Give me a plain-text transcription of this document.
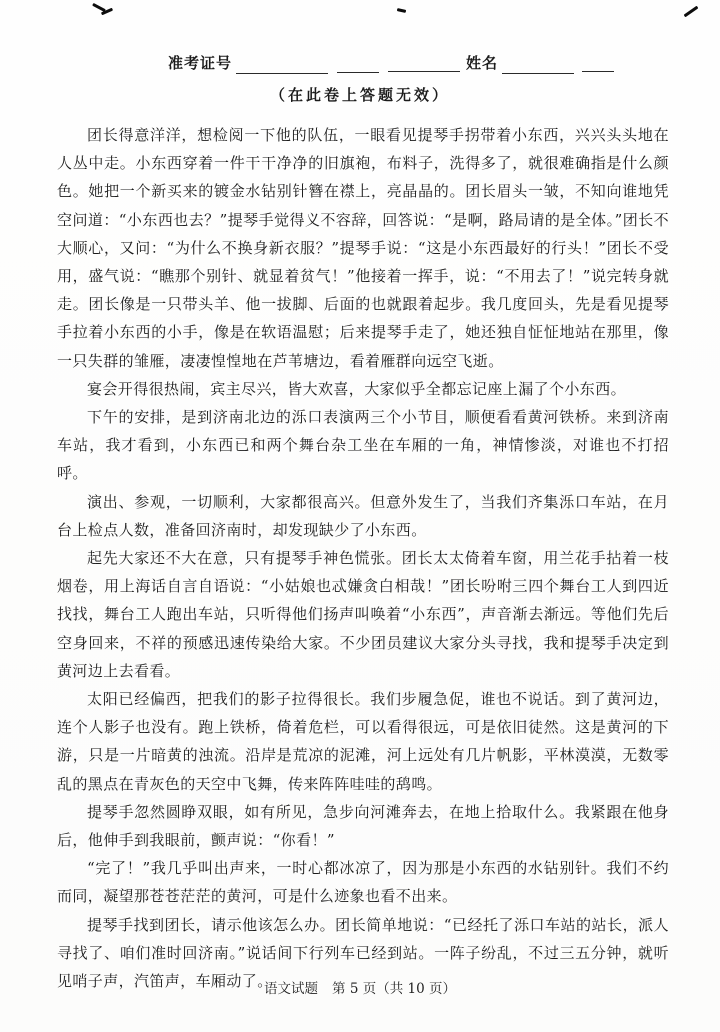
准考证号	姓名
（在此卷上答题无效）

团长得意洋洋，想检阅一下他的队伍，一眼看见提琴手拐带着小东西，兴兴头头地在人丛中走。小东西穿着一件干干净净的旧旗袍，布料子，洗得多了，就很难确指是什么颜色。她把一个新买来的镀金水钻别针簪在襟上，亮晶晶的。团长眉头一皱，不知向谁地凭空问道：“小东西也去？”提琴手觉得义不容辞，回答说：“是啊，路局请的是全体。”团长不大顺心，又问：“为什么不换身新衣服？”提琴手说：“这是小东西最好的行头！”团长不受用，盛气说：“瞧那个别针、就显着贫气！”他接着一挥手，说：“不用去了！”说完转身就走。团长像是一只带头羊、他一拔脚、后面的也就跟着起步。我几度回头，先是看见提琴手拉着小东西的小手，像是在软语温慰；后来提琴手走了，她还独自怔怔地站在那里，像一只失群的雏雁，凄凄惶惶地在芦苇塘边，看着雁群向远空飞逝。

宴会开得很热闹，宾主尽兴，皆大欢喜，大家似乎全都忘记座上漏了个小东西。

下午的安排，是到济南北边的泺口表演两三个小节目，顺便看看黄河铁桥。来到济南车站，我才看到，小东西已和两个舞台杂工坐在车厢的一角，神情惨淡，对谁也不打招呼。

演出、参观，一切顺利，大家都很高兴。但意外发生了，当我们齐集泺口车站，在月台上检点人数，准备回济南时，却发现缺少了小东西。

起先大家还不大在意，只有提琴手神色慌张。团长太太倚着车窗，用兰花手拈着一枝烟卷，用上海话自言自语说：“小姑娘也忒嫌贪白相哉！”团长吩咐三四个舞台工人到四近找找，舞台工人跑出车站，只听得他们扬声叫唤着“小东西”，声音渐去渐远。等他们先后空身回来，不祥的预感迅速传染给大家。不少团员建议大家分头寻找，我和提琴手决定到黄河边上去看看。

太阳已经偏西，把我们的影子拉得很长。我们步履急促，谁也不说话。到了黄河边，连个人影子也没有。跑上铁桥，倚着危栏，可以看得很远，可是依旧徒然。这是黄河的下游，只是一片暗黄的浊流。沿岸是荒凉的泥滩，河上远处有几片帆影，平林漠漠，无数零乱的黑点在青灰色的天空中飞舞，传来阵阵哇哇的鸹鸣。

提琴手忽然圆睁双眼，如有所见，急步向河滩奔去，在地上拾取什么。我紧跟在他身后，他伸手到我眼前，颤声说：“你看！”

“完了！”我几乎叫出声来，一时心都冰凉了，因为那是小东西的水钻别针。我们不约而同，凝望那苍苍茫茫的黄河，可是什么迹象也看不出来。

提琴手找到团长，请示他该怎么办。团长简单地说：“已经托了泺口车站的站长，派人寻找了、咱们准时回济南。”说话间下行列车已经到站。一阵子纷乱，不过三五分钟，就听见哨子声，汽笛声，车厢动了。

语文试题 第 5 页（共 10 页）
